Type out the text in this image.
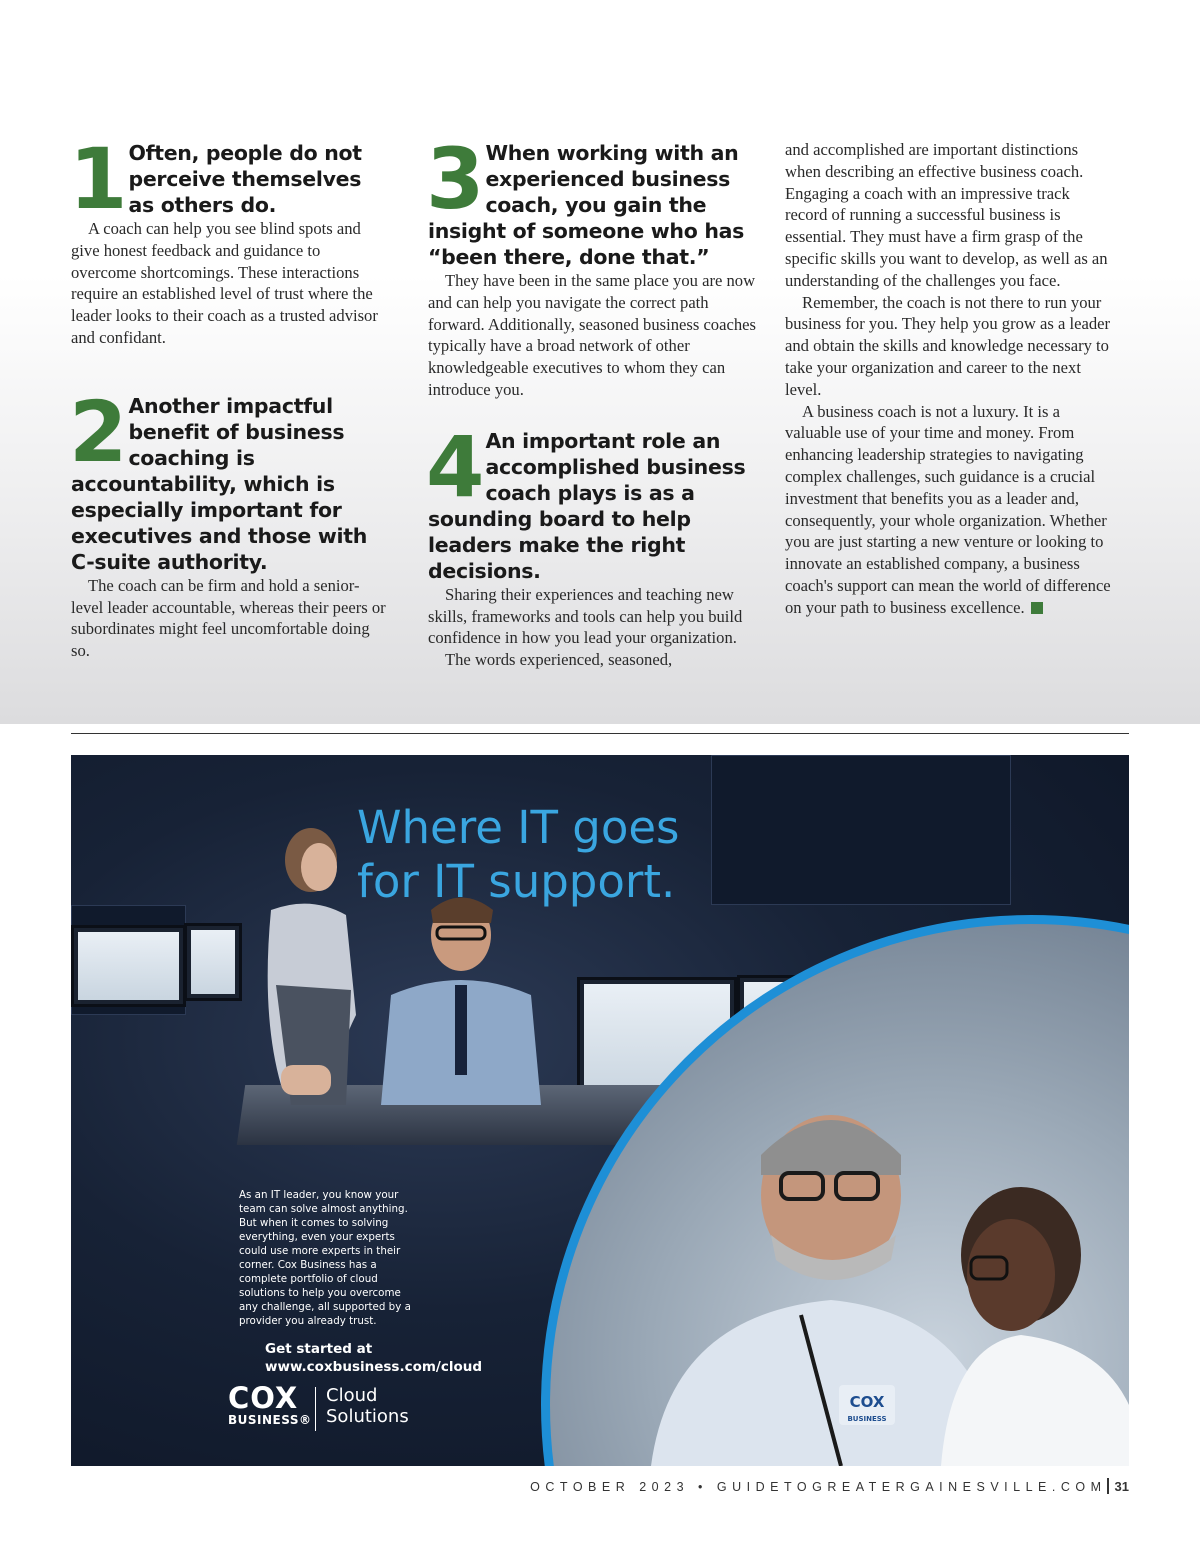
1 Often, people do not perceive themselves as others do.

A coach can help you see blind spots and give honest feedback and guidance to overcome shortcomings. These interactions require an established level of trust where the leader looks to their coach as a trusted advisor and confidant.

2 Another impactful benefit of business coaching is accountability, which is especially important for executives and those with C-suite authority.

The coach can be firm and hold a senior-level leader accountable, whereas their peers or subordinates might feel uncomfortable doing so.

3 When working with an experienced business coach, you gain the insight of someone who has “been there, done that.”

They have been in the same place you are now and can help you navigate the correct path forward. Additionally, seasoned business coaches typically have a broad network of other knowledgeable executives to whom they can introduce you.

4 An important role an accomplished business coach plays is as a sounding board to help leaders make the right decisions.

Sharing their experiences and teaching new skills, frameworks and tools can help you build confidence in how you lead your organization.

The words experienced, seasoned,

and accomplished are important distinctions when describing an effective business coach. Engaging a coach with an impressive track record of running a successful business is essential. They must have a firm grasp of the specific skills you want to develop, as well as an understanding of the challenges you face.

Remember, the coach is not there to run your business for you. They help you grow as a leader and obtain the skills and knowledge necessary to take your organization and career to the next level.

A business coach is not a luxury. It is a valuable use of your time and money. From enhancing leadership strategies to navigating complex challenges, such guidance is a crucial investment that benefits you as a leader and, consequently, your whole organization. Whether you are just starting a new venture or looking to innovate an established company, a business coach's support can mean the world of difference on your path to business excellence.

Where IT goes
for IT support.
COX
BUSINESS
As an IT leader, you know your team can solve almost anything. But when it comes to solving everything, even your experts could use more experts in their corner. Cox Business has a complete portfolio of cloud solutions to help you overcome any challenge, all supported by a provider you already trust.
Get started at
www.coxbusiness.com/cloud
COX
BUSINESS®
Cloud
Solutions
OCTOBER 2023 • GUIDETOGREATERGAINESVILLE.COM 31
